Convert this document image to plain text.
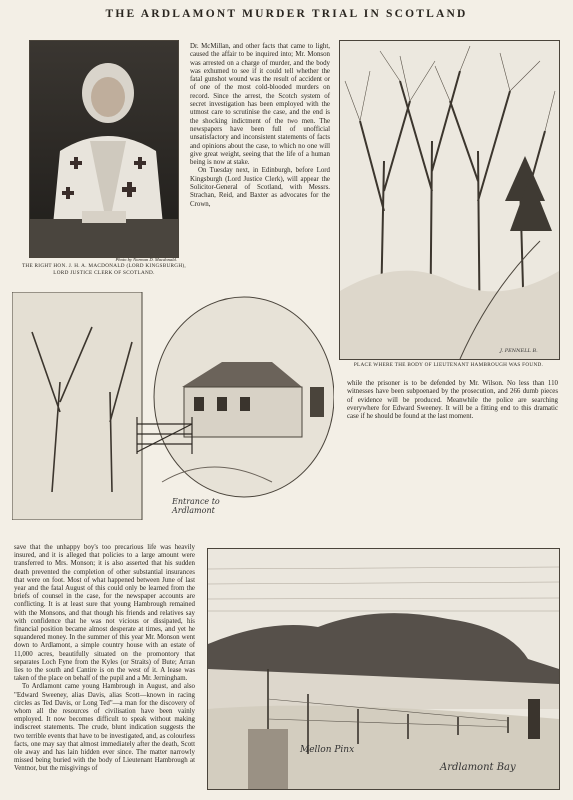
THE ARDLAMONT MURDER TRIAL IN SCOTLAND
Photo by Norman D. Macdonald.
THE RIGHT HON. J. H. A. MACDONALD (LORD KINGSBURGH),
LORD JUSTICE CLERK OF SCOTLAND.

Dr. McMillan, and other facts that came to light, caused the affair to be inquired into; Mr. Monson was arrested on a charge of murder, and the body was exhumed to see if it could tell whether the fatal gunshot wound was the result of accident or of one of the most cold-blooded murders on record. Since the arrest, the Scotch system of secret investigation has been employed with the utmost care to scrutinise the case, and the end is the shocking indictment of the two men. The newspapers have been full of unofficial unsatisfactory and inconsistent statements of facts and opinions about the case, to which no one will give great weight, seeing that the life of a human being is now at stake.

On Tuesday next, in Edinburgh, before Lord Kingsburgh (Lord Justice Clerk), will appear the Solicitor-General of Scotland, with Messrs. Strachan, Reid, and Baxter as advocates for the Crown,

J. PENNELL B.
PLACE WHERE THE BODY OF LIEUTENANT HAMBROUGH WAS FOUND.
Entrance to Ardlamont

while the prisoner is to be defended by Mr. Wilson. No less than 110 witnesses have been subpoenaed by the prosecution, and 266 dumb pieces of evidence will be produced. Meanwhile the police are searching everywhere for Edward Sweeney. It will be a fitting end to this dramatic case if he should be found at the last moment.

save that the unhappy boy's too precarious life was heavily insured, and it is alleged that policies to a large amount were transferred to Mrs. Monson; it is also asserted that his sudden death prevented the completion of other substantial insurances that were on foot. Most of what happened between June of last year and the fatal August of this could only be learned from the briefs of counsel in the case, for the newspaper accounts are conflicting. It is at least sure that young Hambrough remained with the Monsons, and that though his friends and relatives say with confidence that he was not vicious or dissipated, his financial position became almost desperate at times, and yet he squandered money. In the summer of this year Mr. Monson went down to Ardlamont, a simple country house with an estate of 11,000 acres, beautifully situated on the promontory that separates Loch Fyne from the Kyles (or Straits) of Bute; Arran lies to the south and Cantire is on the west of it. A lease was taken of the place on behalf of the pupil and a Mr. Jerningham.

To Ardlamont came young Hambrough in August, and also "Edward Sweeney, alias Davis, alias Scott—known in racing circles as Ted Davis, or Long Ted"—a man for the discovery of whom all the resources of civilisation have been vainly employed. It now becomes difficult to speak without making indiscreet statements. The crude, blunt indication suggests the two terrible events that have to be investigated, and, as colourless facts, one may say that almost immediately after the death, Scott ole away and has lain hidden ever since. The matter narrowly missed being buried with the body of Lieutenant Hambrough at Ventnor, but the misgivings of

Mellon Pinx
Ardlamont Bay
